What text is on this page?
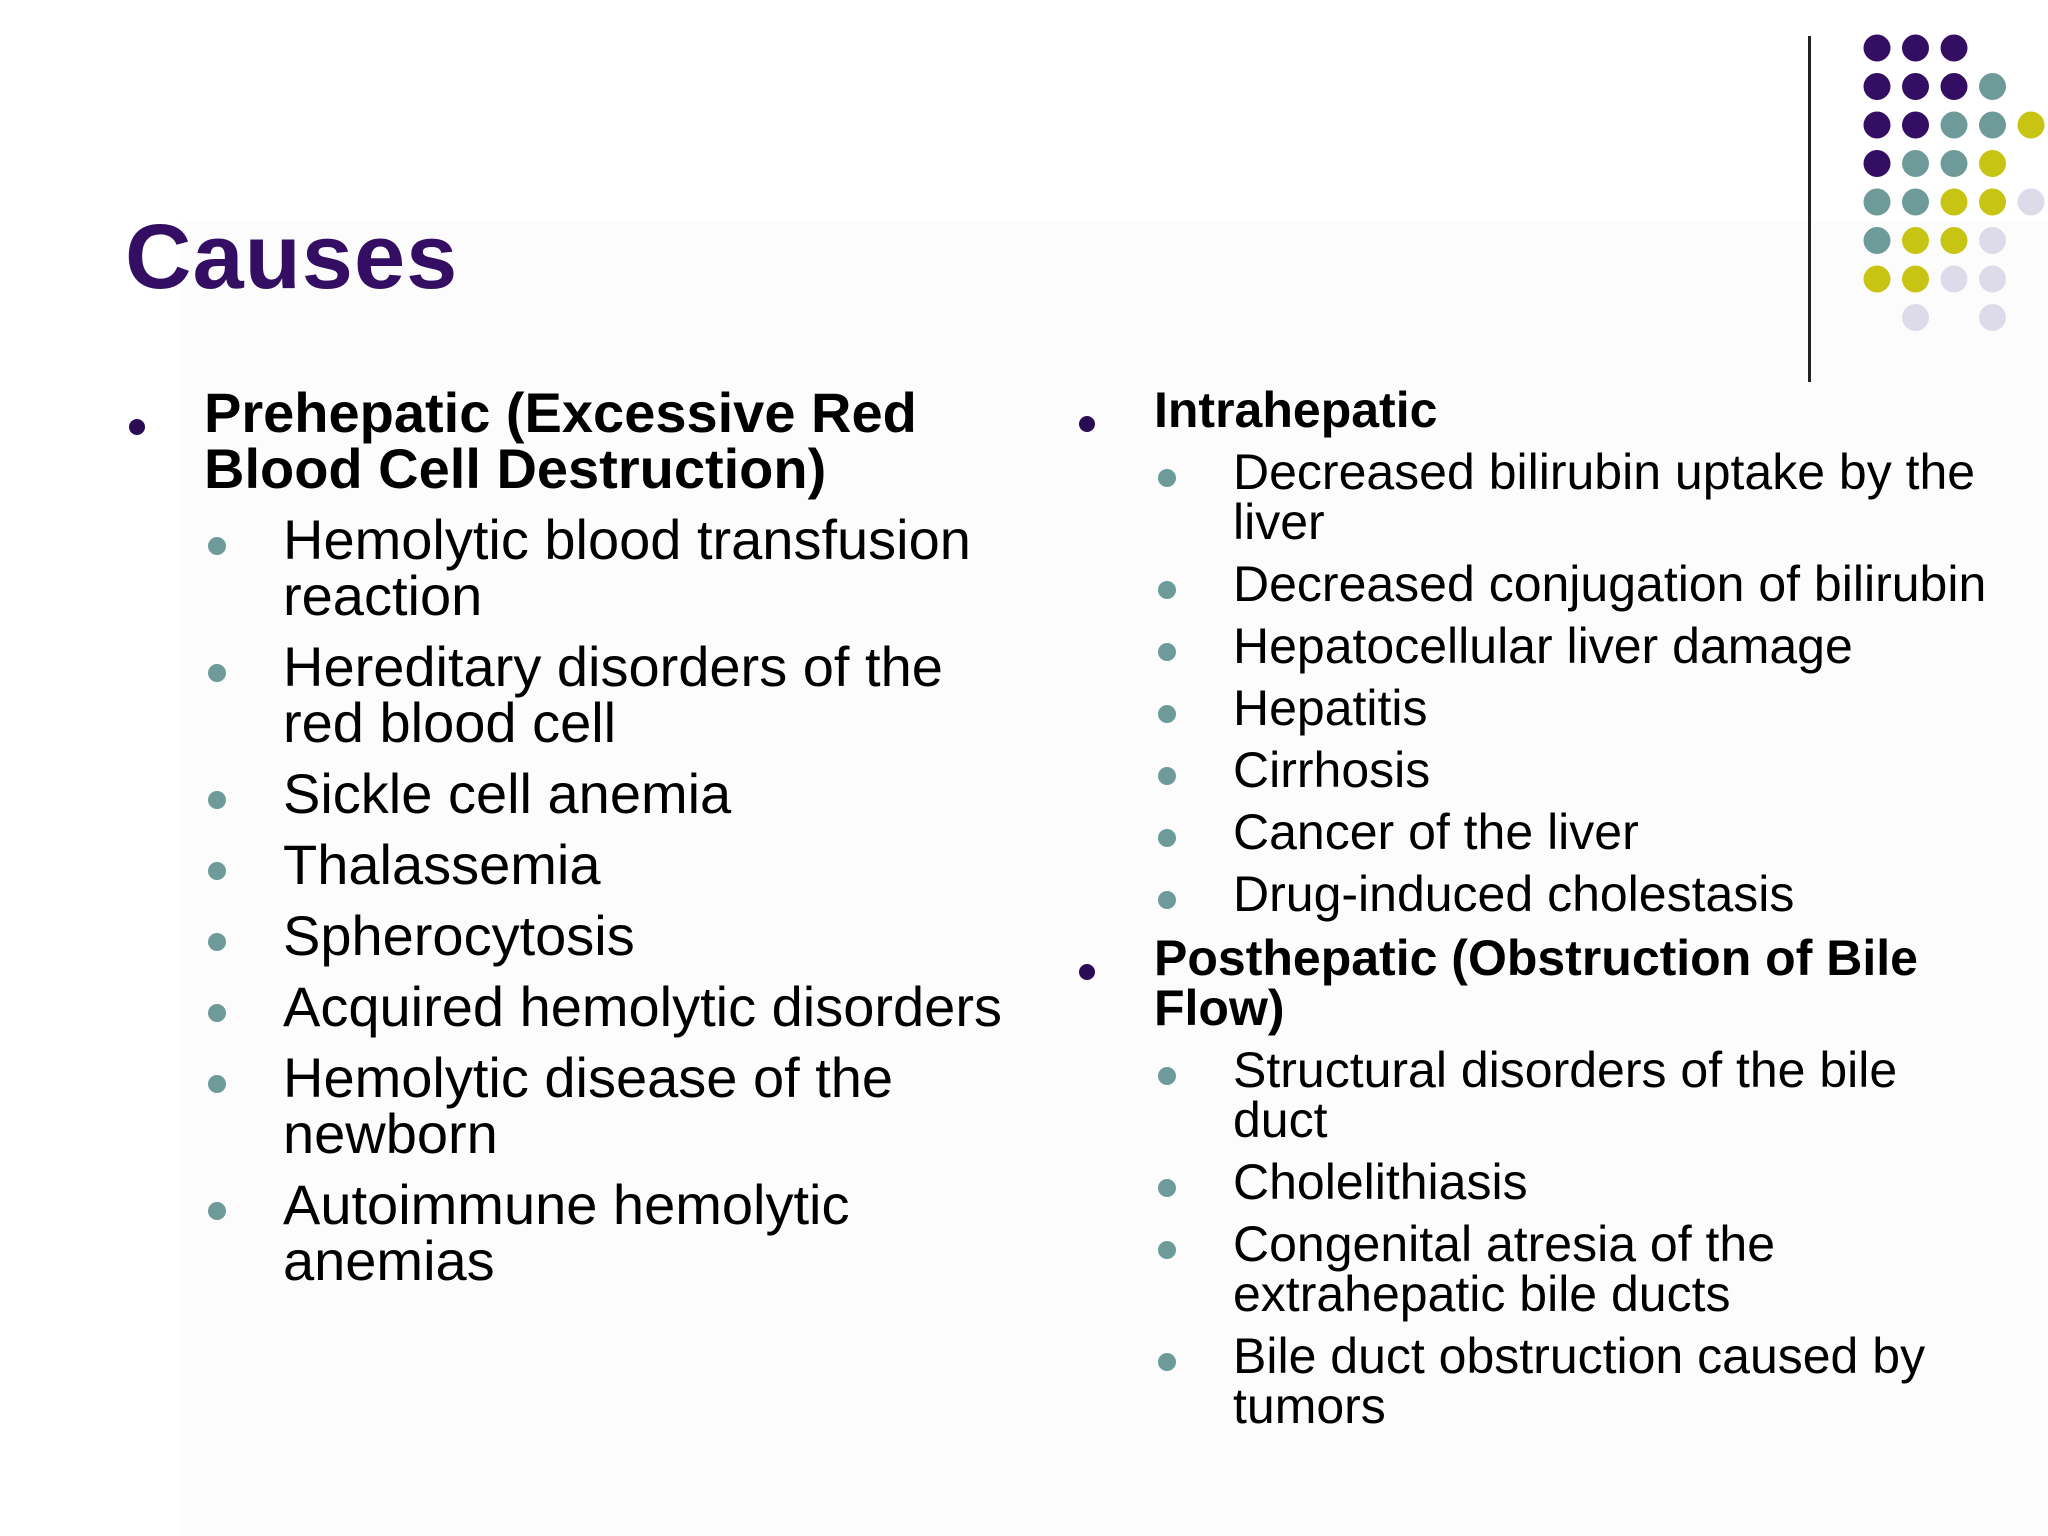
Causes
Prehepatic (Excessive Red Blood Cell Destruction)
Hemolytic blood transfusion reaction
Hereditary disorders of the red blood cell
Sickle cell anemia
Thalassemia
Spherocytosis
Acquired hemolytic disorders
Hemolytic disease of the newborn
Autoimmune hemolytic anemias
Intrahepatic
Decreased bilirubin uptake by the liver
Decreased conjugation of bilirubin
Hepatocellular liver damage
Hepatitis
Cirrhosis
Cancer of the liver
Drug-induced cholestasis
Posthepatic (Obstruction of Bile Flow)
Structural disorders of the bile duct
Cholelithiasis
Congenital atresia of the extrahepatic bile ducts
Bile duct obstruction caused by tumors
